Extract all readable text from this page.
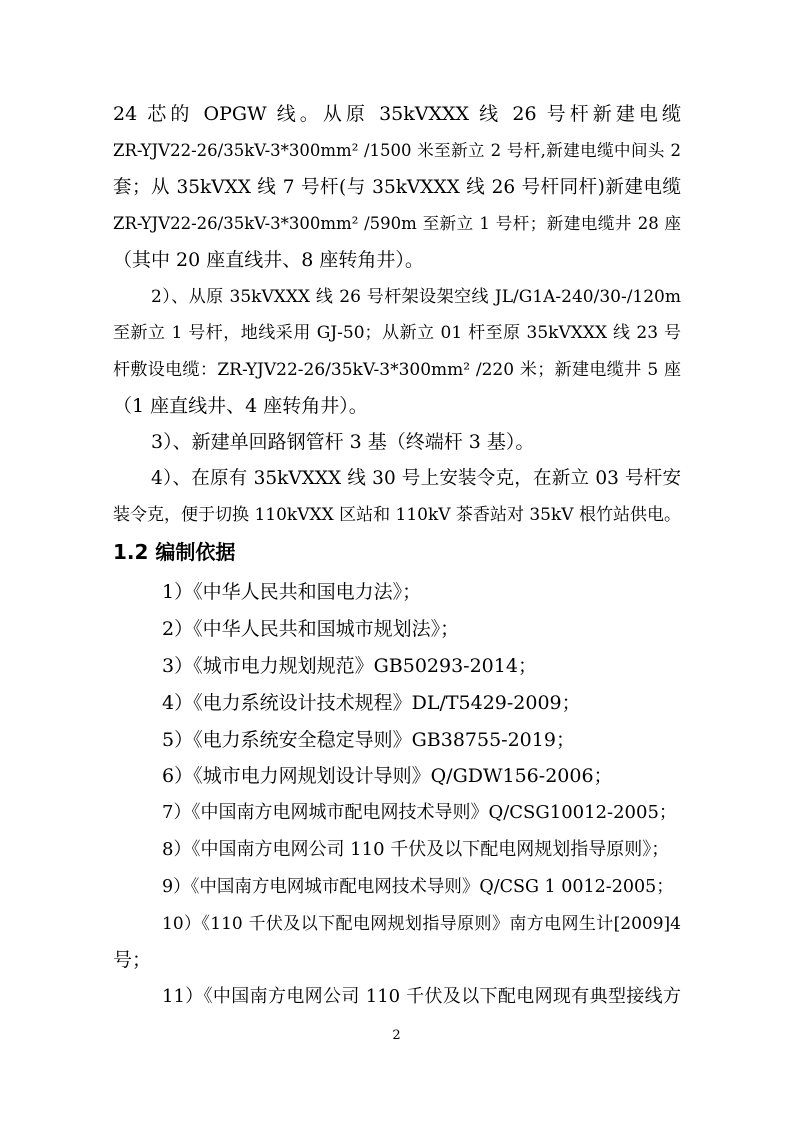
24 芯的 OPGW 线。从原 35kVXXX 线 26 号杆新建电缆
ZR-YJV22-26/35kV-3*300mm² /1500 米至新立 2 号杆,新建电缆中间头 2
套；从 35kVXX 线 7 号杆(与 35kVXXX 线 26 号杆同杆)新建电缆
ZR-YJV22-26/35kV-3*300mm² /590m 至新立 1 号杆；新建电缆井 28 座
（其中 20 座直线井、8 座转角井）。
2）、从原 35kVXXX 线 26 号杆架设架空线 JL/G1A-240/30-/120m
至新立 1 号杆，地线采用 GJ-50；从新立 01 杆至原 35kVXXX 线 23 号
杆敷设电缆：ZR-YJV22-26/35kV-3*300mm² /220 米；新建电缆井 5 座
（1 座直线井、4 座转角井）。
3）、新建单回路钢管杆 3 基（终端杆 3 基）。
4）、在原有 35kVXXX 线 30 号上安装令克，在新立 03 号杆安
装令克，便于切换 110kVXX 区站和 110kV 茶香站对 35kV 根竹站供电。
1.2 编制依据
1）《中华人民共和国电力法》；
2）《中华人民共和国城市规划法》；
3）《城市电力规划规范》GB50293-2014；
4）《电力系统设计技术规程》DL/T5429-2009；
5）《电力系统安全稳定导则》GB38755-2019；
6）《城市电力网规划设计导则》Q/GDW156-2006；
7）《中国南方电网城市配电网技术导则》Q/CSG10012-2005；
8）《中国南方电网公司 110 千伏及以下配电网规划指导原则》；
9）《中国南方电网城市配电网技术导则》Q/CSG 1 0012-2005；
10）《110 千伏及以下配电网规划指导原则》南方电网生计[2009]4
号；
11）《中国南方电网公司 110 千伏及以下配电网现有典型接线方
2
